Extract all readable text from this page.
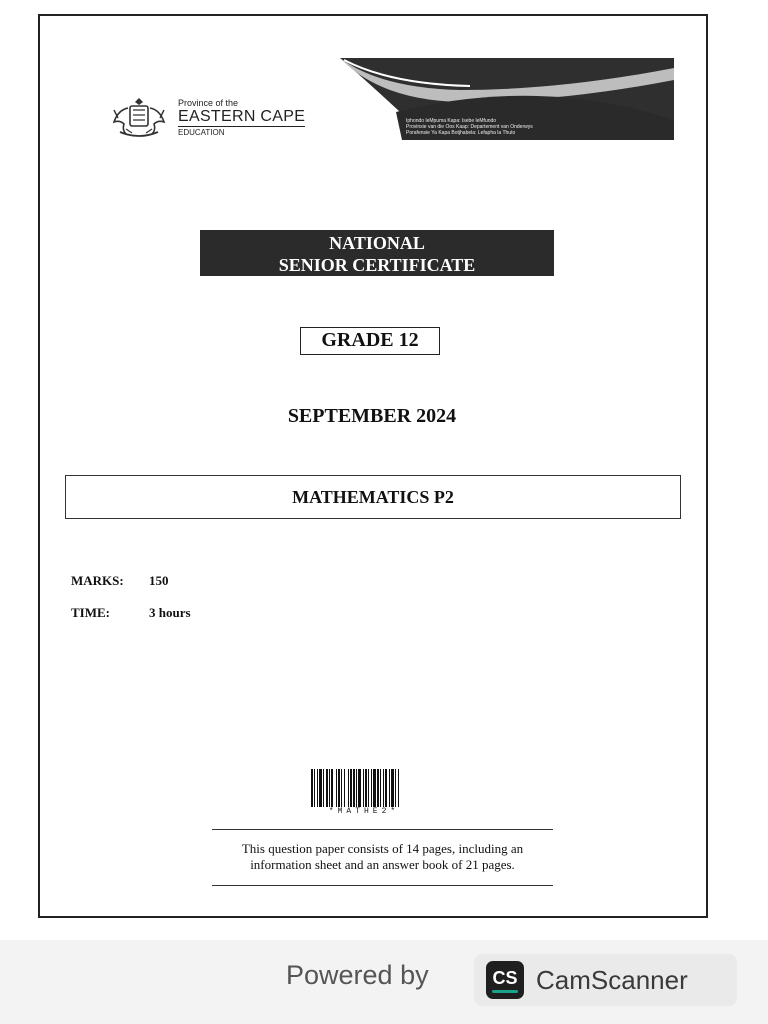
Province of the
EASTERN CAPE
EDUCATION
Iphondo leMpuma Kapa: Isebe leMfundo
Provinsie van die Oos Kaap: Departement van Onderwys
Porafensie Ya Kapa Botjhabela: Lefapha la Thuto
NATIONAL
SENIOR CERTIFICATE
GRADE 12
SEPTEMBER 2024
MATHEMATICS P2
MARKS:	150
TIME:	3 hours
*MATHE2*
This question paper consists of 14 pages, including an
information sheet and an answer book of 21 pages.
Powered by	CS CamScanner
